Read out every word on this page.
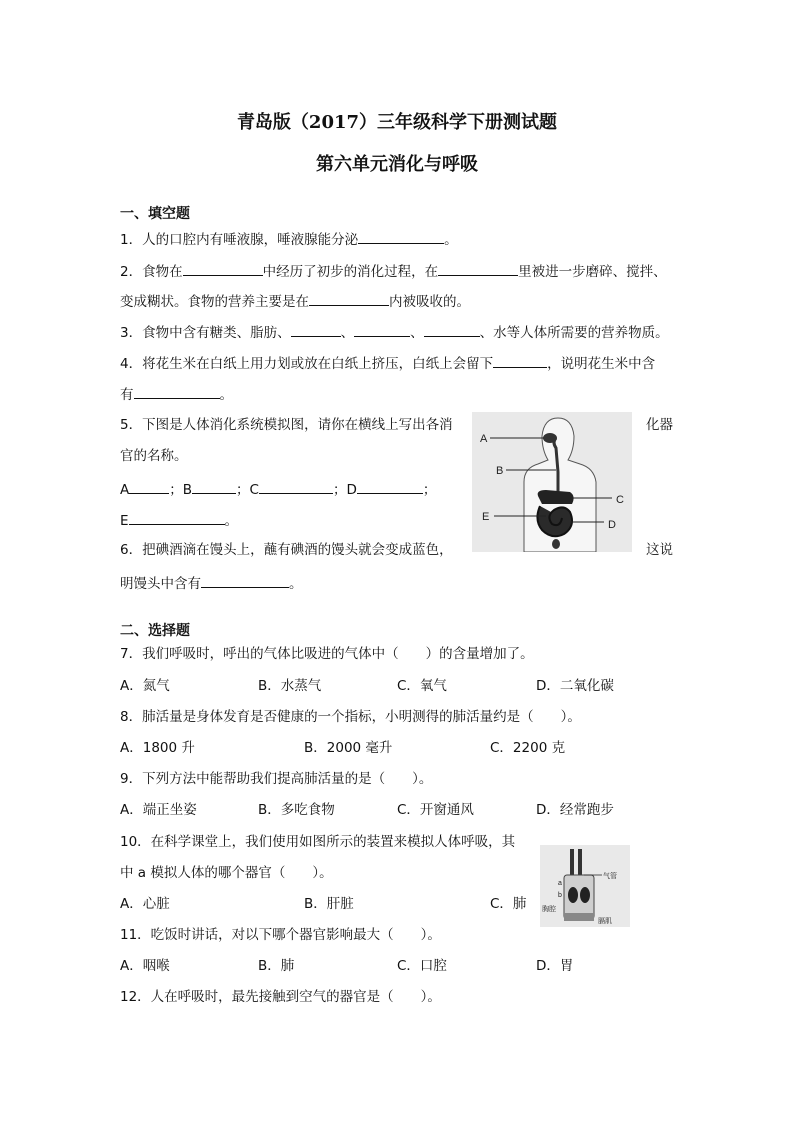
青岛版（2017）三年级科学下册测试题
第六单元消化与呼吸
一、填空题
1．人的口腔内有唾液腺，唾液腺能分泌	。
2．食物在	中经历了初步的消化过程，在	里被进一步磨碎、搅拌、
变成糊状。食物的营养主要是在	内被吸收的。
3．食物中含有糖类、脂肪、	、	、	、水等人体所需要的营养物质。
4．将花生米在白纸上用力划或放在白纸上挤压，白纸上会留下	，说明花生米中含
有	。
5．下图是人体消化系统模拟图，请你在横线上写出各消	化器
官的名称。
A	；B	；C	；D	；
E	。
6．把碘酒滴在馒头上，蘸有碘酒的馒头就会变成蓝色，	这说
明馒头中含有	。
A
B
C
D
E
二、选择题
7．我们呼吸时，呼出的气体比吸进的气体中（　　）的含量增加了。
A．氮气	B．水蒸气	C．氧气	D．二氧化碳
8．肺活量是身体发育是否健康的一个指标，小明测得的肺活量约是（　　）。
A．1800 升	B．2000 毫升	C．2200 克
9．下列方法中能帮助我们提高肺活量的是（　　）。
A．端正坐姿	B．多吃食物	C．开窗通风	D．经常跑步
10．在科学课堂上，我们使用如图所示的装置来模拟人体呼吸，其
中 a 模拟人体的哪个器官（　　）。
A．心脏	B．肝脏	C．肺
a
b
气管
胸腔
膈肌
11．吃饭时讲话，对以下哪个器官影响最大（　　）。
A．咽喉	B．肺	C．口腔	D．胃
12．人在呼吸时，最先接触到空气的器官是（　　）。
